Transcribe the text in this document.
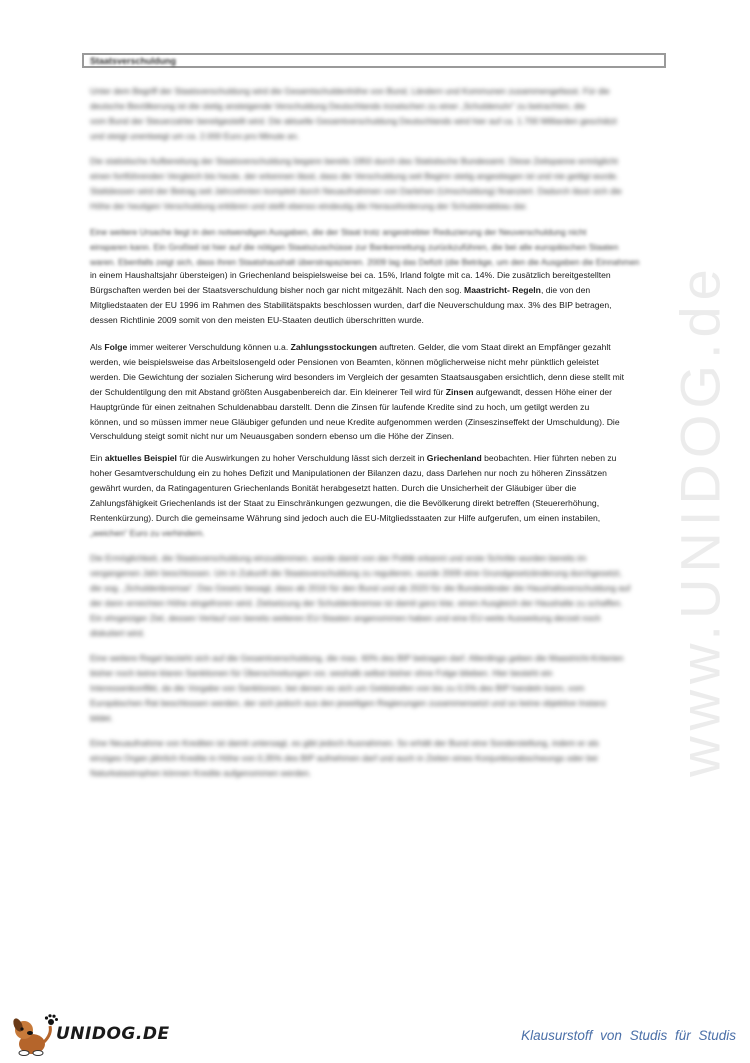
www.UNIDOG.de
Staatsverschuldung
Unter dem Begriff der Staatsverschuldung wird die Gesamtschuldenhöhe von Bund, Ländern und Kommunen zusammengefasst. Für die
deutsche Bevölkerung ist die stetig ansteigende Verschuldung Deutschlands inzwischen zu einer „Schuldenuhr“ zu betrachten, die
vom Bund der Steuerzahler bereitgestellt wird. Die aktuelle Gesamtverschuldung Deutschlands wird hier auf ca. 1.700 Milliarden geschätzt
und steigt unentwegt um ca. 2.000 Euro pro Minute an.
Die statistische Aufbereitung der Staatsverschuldung begann bereits 1950 durch das Statistische Bundesamt. Diese Zeitspanne ermöglicht
einen fortführenden Vergleich bis heute, der erkennen lässt, dass die Verschuldung seit Beginn stetig angestiegen ist und nie getilgt wurde.
Stattdessen wird der Betrag seit Jahrzehnten komplett durch Neuaufnahmen von Darlehen (Umschuldung) finanziert. Dadurch lässt sich die
Höhe der heutigen Verschuldung erklären und stellt ebenso eindeutig die Herausforderung der Schuldenabbau dar.
Eine weitere Ursache liegt in den notwendigen Ausgaben, die der Staat trotz angestrebter Reduzierung der Neuverschuldung nicht
einsparen kann. Ein Großteil ist hier auf die nötigen Staatszuschüsse zur Bankenrettung zurückzuführen, die bei alle europäischen Staaten
waren. Ebenfalls zeigt sich, dass ihren Staatshaushalt überstrapazieren. 2009 lag das Defizit (die Beträge, um den die Ausgaben die Einnahmen
in einem Haushaltsjahr übersteigen) in Griechenland beispielsweise bei ca. 15%, Irland folgte mit ca. 14%. Die zusätzlich bereitgestellten
Bürgschaften werden bei der Staatsverschuldung bisher noch gar nicht mitgezählt. Nach den sog. Maastricht- Regeln, die von den
Mitgliedstaaten der EU 1996 im Rahmen des Stabilitätspakts beschlossen wurden, darf die Neuverschuldung max. 3% des BIP betragen,
dessen Richtlinie 2009 somit von den meisten EU-Staaten deutlich überschritten wurde.
Als Folge immer weiterer Verschuldung können u.a. Zahlungsstockungen auftreten. Gelder, die vom Staat direkt an Empfänger gezahlt
werden, wie beispielsweise das Arbeitslosengeld oder Pensionen von Beamten, können möglicherweise nicht mehr pünktlich geleistet
werden. Die Gewichtung der sozialen Sicherung wird besonders im Vergleich der gesamten Staatsausgaben ersichtlich, denn diese stellt mit
der Schuldentilgung den mit Abstand größten Ausgabenbereich dar. Ein kleinerer Teil wird für Zinsen aufgewandt, dessen Höhe einer der
Hauptgründe für einen zeitnahen Schuldenabbau darstellt. Denn die Zinsen für laufende Kredite sind zu hoch, um getilgt werden zu
können, und so müssen immer neue Gläubiger gefunden und neue Kredite aufgenommen werden (Zinseszinseffekt der Umschuldung). Die
Verschuldung steigt somit nicht nur um Neuausgaben sondern ebenso um die Höhe der Zinsen.
Ein aktuelles Beispiel für die Auswirkungen zu hoher Verschuldung lässt sich derzeit in Griechenland beobachten. Hier führten neben zu
hoher Gesamtverschuldung ein zu hohes Defizit und Manipulationen der Bilanzen dazu, dass Darlehen nur noch zu höheren Zinssätzen
gewährt wurden, da Ratingagenturen Griechenlands Bonität herabgesetzt hatten. Durch die Unsicherheit der Gläubiger über die
Zahlungsfähigkeit Griechenlands ist der Staat zu Einschränkungen gezwungen, die die Bevölkerung direkt betreffen (Steuererhöhung,
Rentenkürzung). Durch die gemeinsame Währung sind jedoch auch die EU-Mitgliedsstaaten zur Hilfe aufgerufen, um einen instabilen,
„weichen“ Euro zu verhindern.
Die Ermöglichkeit, die Staatsverschuldung einzudämmen, wurde damit von der Politik erkannt und erste Schritte wurden bereits im
vergangenen Jahr beschlossen. Um in Zukunft die Staatsverschuldung zu regulieren, wurde 2009 eine Grundgesetzänderung durchgesetzt,
die sog. „Schuldenbremse“. Das Gesetz besagt, dass ab 2016 für den Bund und ab 2020 für die Bundesländer die Haushaltsverschuldung auf
der dann erreichten Höhe eingefroren wird. Zielsetzung der Schuldenbremse ist damit ganz klar, einen Ausgleich der Haushalte zu schaffen.
Ein ehrgeiziger Ziel, dessen Verlauf von bereits weiteren EU-Staaten angenommen haben und eine EU-weite Ausweitung derzeit noch
diskutiert wird.
Eine weitere Regel bezieht sich auf die Gesamtverschuldung, die max. 60% des BIP betragen darf. Allerdings geben die Maastricht-Kriterien
bisher noch keine klaren Sanktionen für Überschreitungen vor, weshalb selbst bisher ohne Folge blieben. Hier besteht ein
Interessenkonflikt, da die Vorgabe von Sanktionen, bei denen es sich um Geldstrafen von bis zu 0,5% des BIP handeln kann, vom
Europäischen Rat beschlossen werden, der sich jedoch aus den jeweiligen Regierungen zusammensetzt und so keine objektive Instanz
bildet.
Eine Neuaufnahme von Krediten ist damit untersagt, es gibt jedoch Ausnahmen. So erhält der Bund eine Sonderstellung, indem er als
einziges Organ jährlich Kredite in Höhe von 0,35% des BIP aufnehmen darf und auch in Zeiten eines Konjunkturabschwungs oder bei
Naturkatastrophen können Kredite aufgenommen werden.
UNIDOG.DE	Klausurstoff von Studis für Studis
